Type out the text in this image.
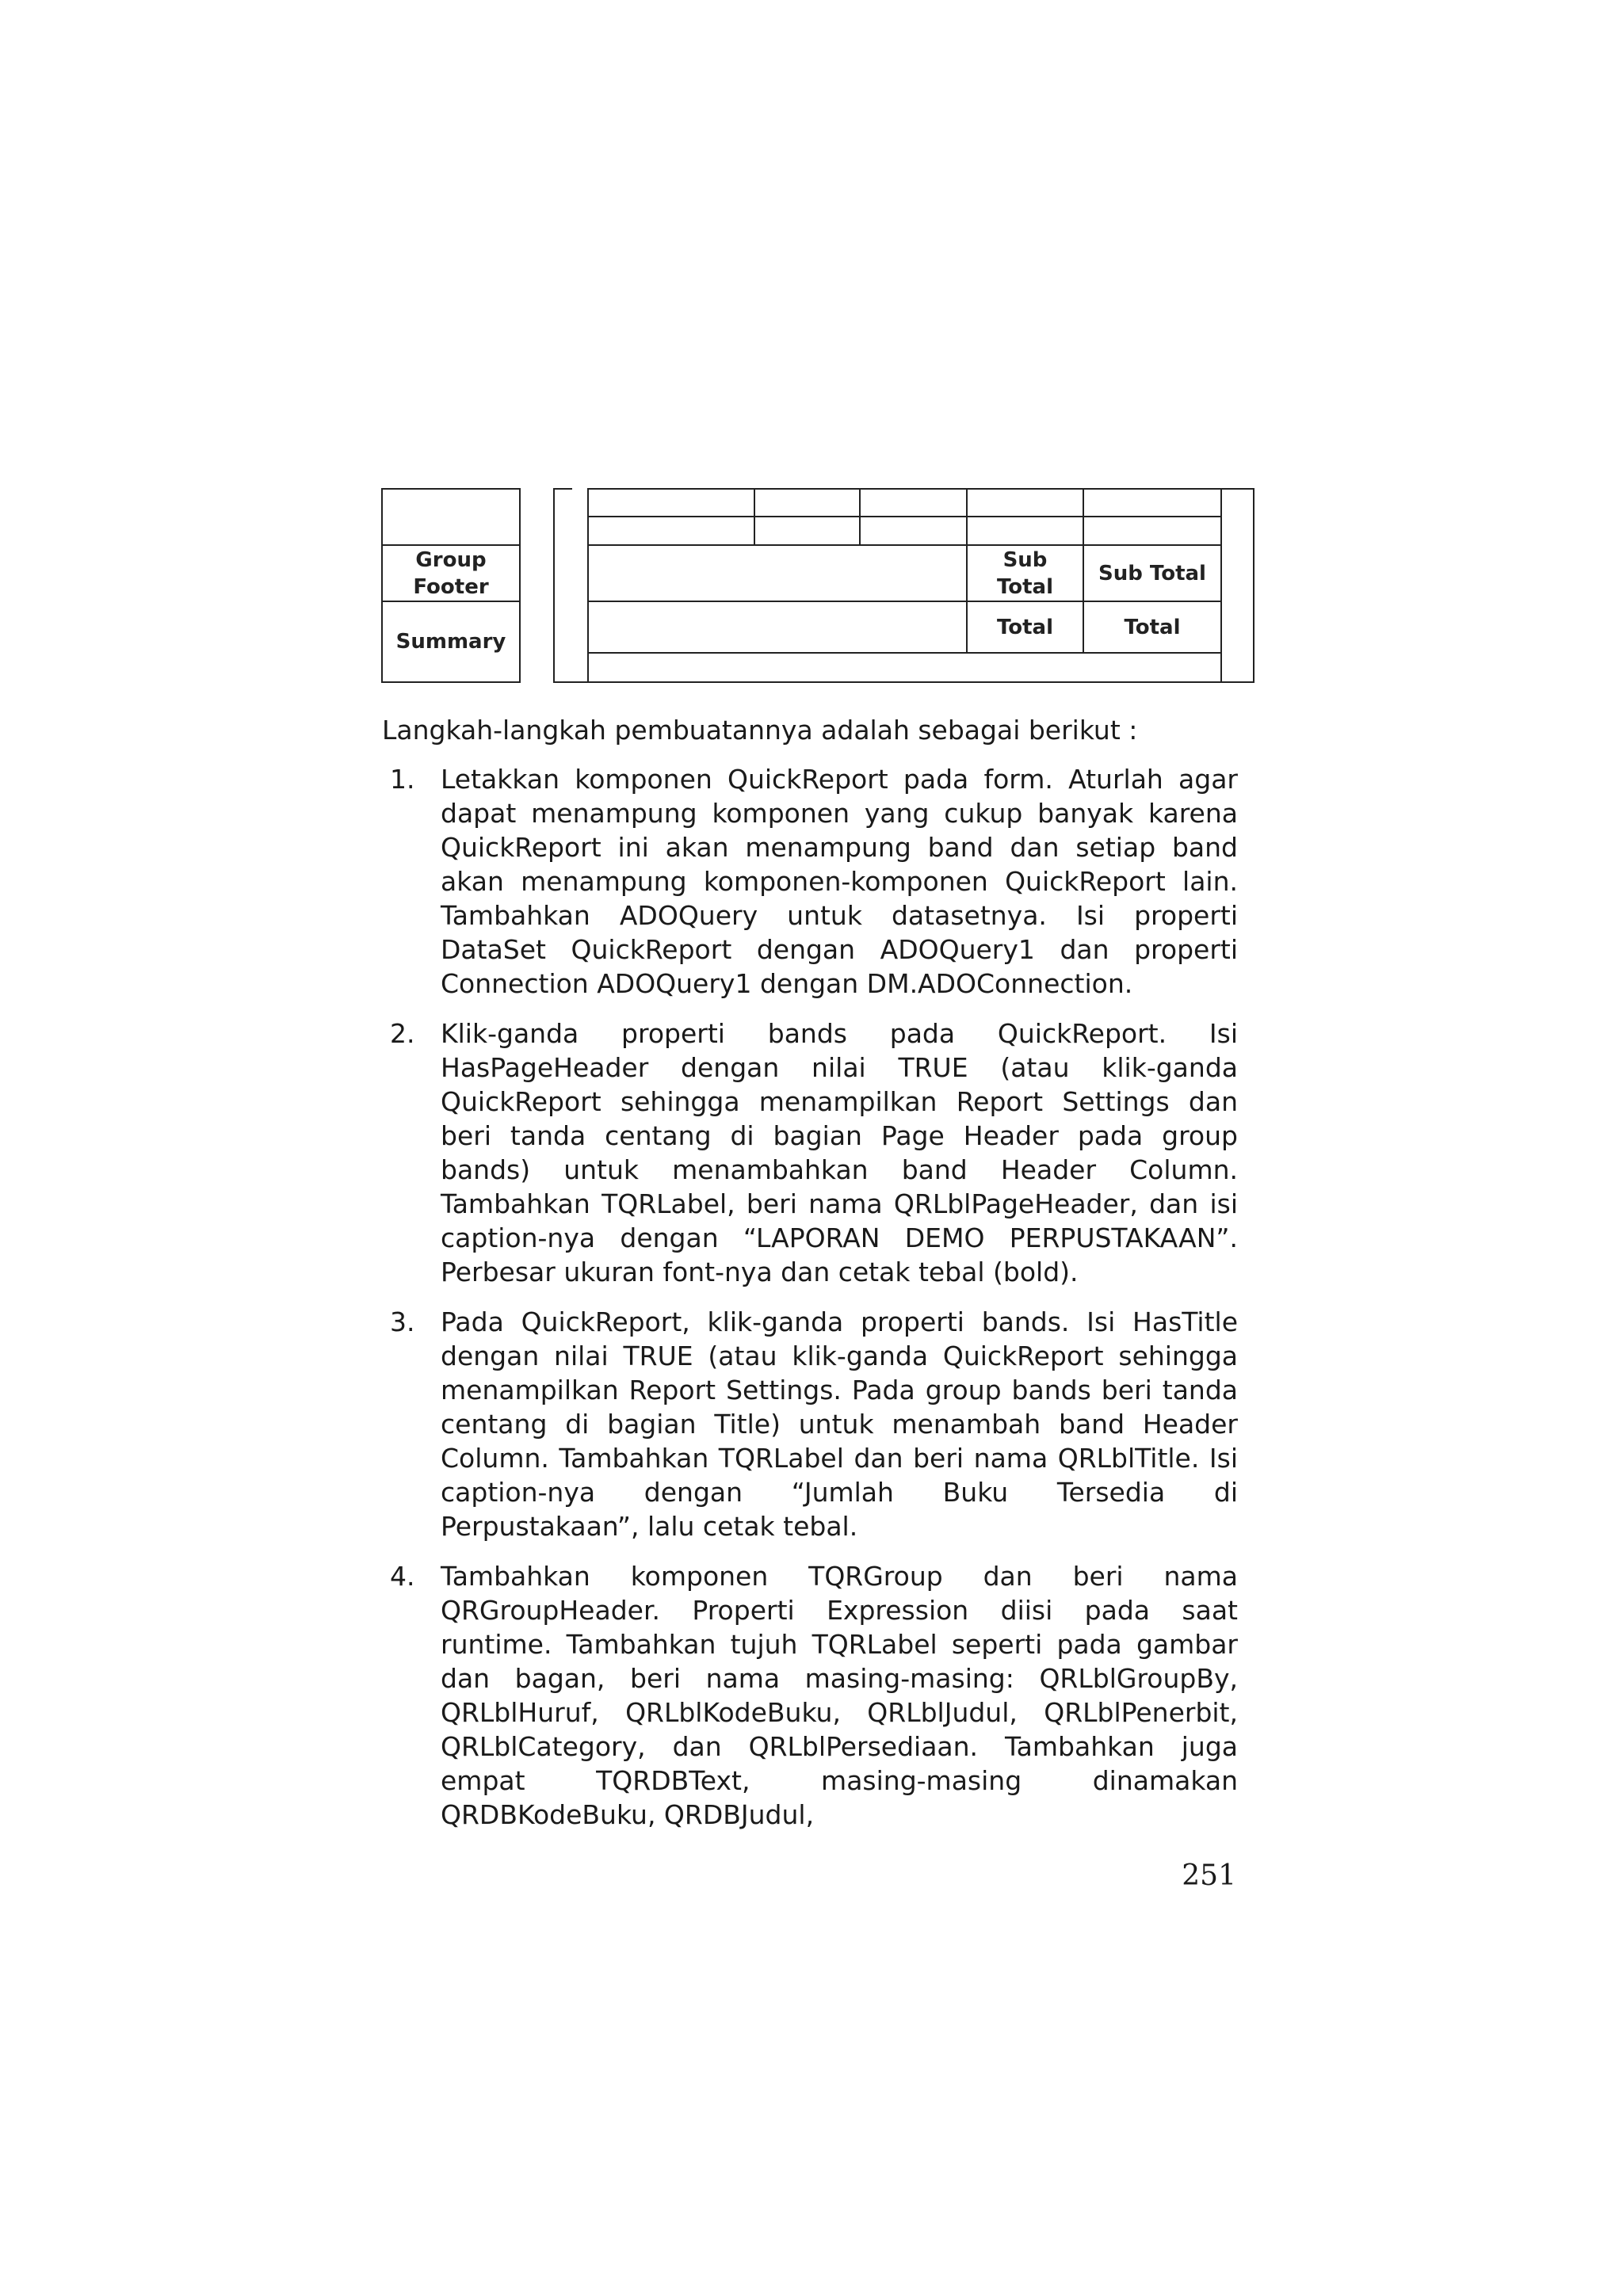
Group
Footer
Summary
Sub
Total
Sub Total
Total	Total
Langkah-langkah pembuatannya adalah sebagai berikut :
1. Letakkan komponen QuickReport pada form. Aturlah agar dapat menampung komponen yang cukup banyak karena QuickReport ini akan menampung band dan setiap band akan menampung komponen-komponen QuickReport lain. Tambahkan ADOQuery untuk datasetnya. Isi properti DataSet QuickReport dengan ADOQuery1 dan properti Connection ADOQuery1 dengan DM.ADOConnection.
2. Klik-ganda properti bands pada QuickReport. Isi HasPageHeader dengan nilai TRUE (atau klik-ganda QuickReport sehingga menampilkan Report Settings dan beri tanda centang di bagian Page Header pada group bands) untuk menambahkan band Header Column. Tambahkan TQRLabel, beri nama QRLblPageHeader, dan isi caption-nya dengan “LAPORAN DEMO PERPUSTAKAAN”. Perbesar ukuran font-nya dan cetak tebal (bold).
3. Pada QuickReport, klik-ganda properti bands. Isi HasTitle dengan nilai TRUE (atau klik-ganda QuickReport sehingga menampilkan Report Settings. Pada group bands beri tanda centang di bagian Title) untuk menambah band Header Column. Tambahkan TQRLabel dan beri nama QRLblTitle. Isi caption-nya dengan “Jumlah Buku Tersedia di Perpustakaan”, lalu cetak tebal.
4. Tambahkan komponen TQRGroup dan beri nama QRGroupHeader. Properti Expression diisi pada saat runtime. Tambahkan tujuh TQRLabel seperti pada gambar dan bagan, beri nama masing-masing: QRLblGroupBy, QRLblHuruf, QRLblKodeBuku, QRLblJudul, QRLblPenerbit, QRLblCategory, dan QRLblPersediaan. Tambahkan juga empat TQRDBText, masing-masing dinamakan QRDBKodeBuku, QRDBJudul,
251
